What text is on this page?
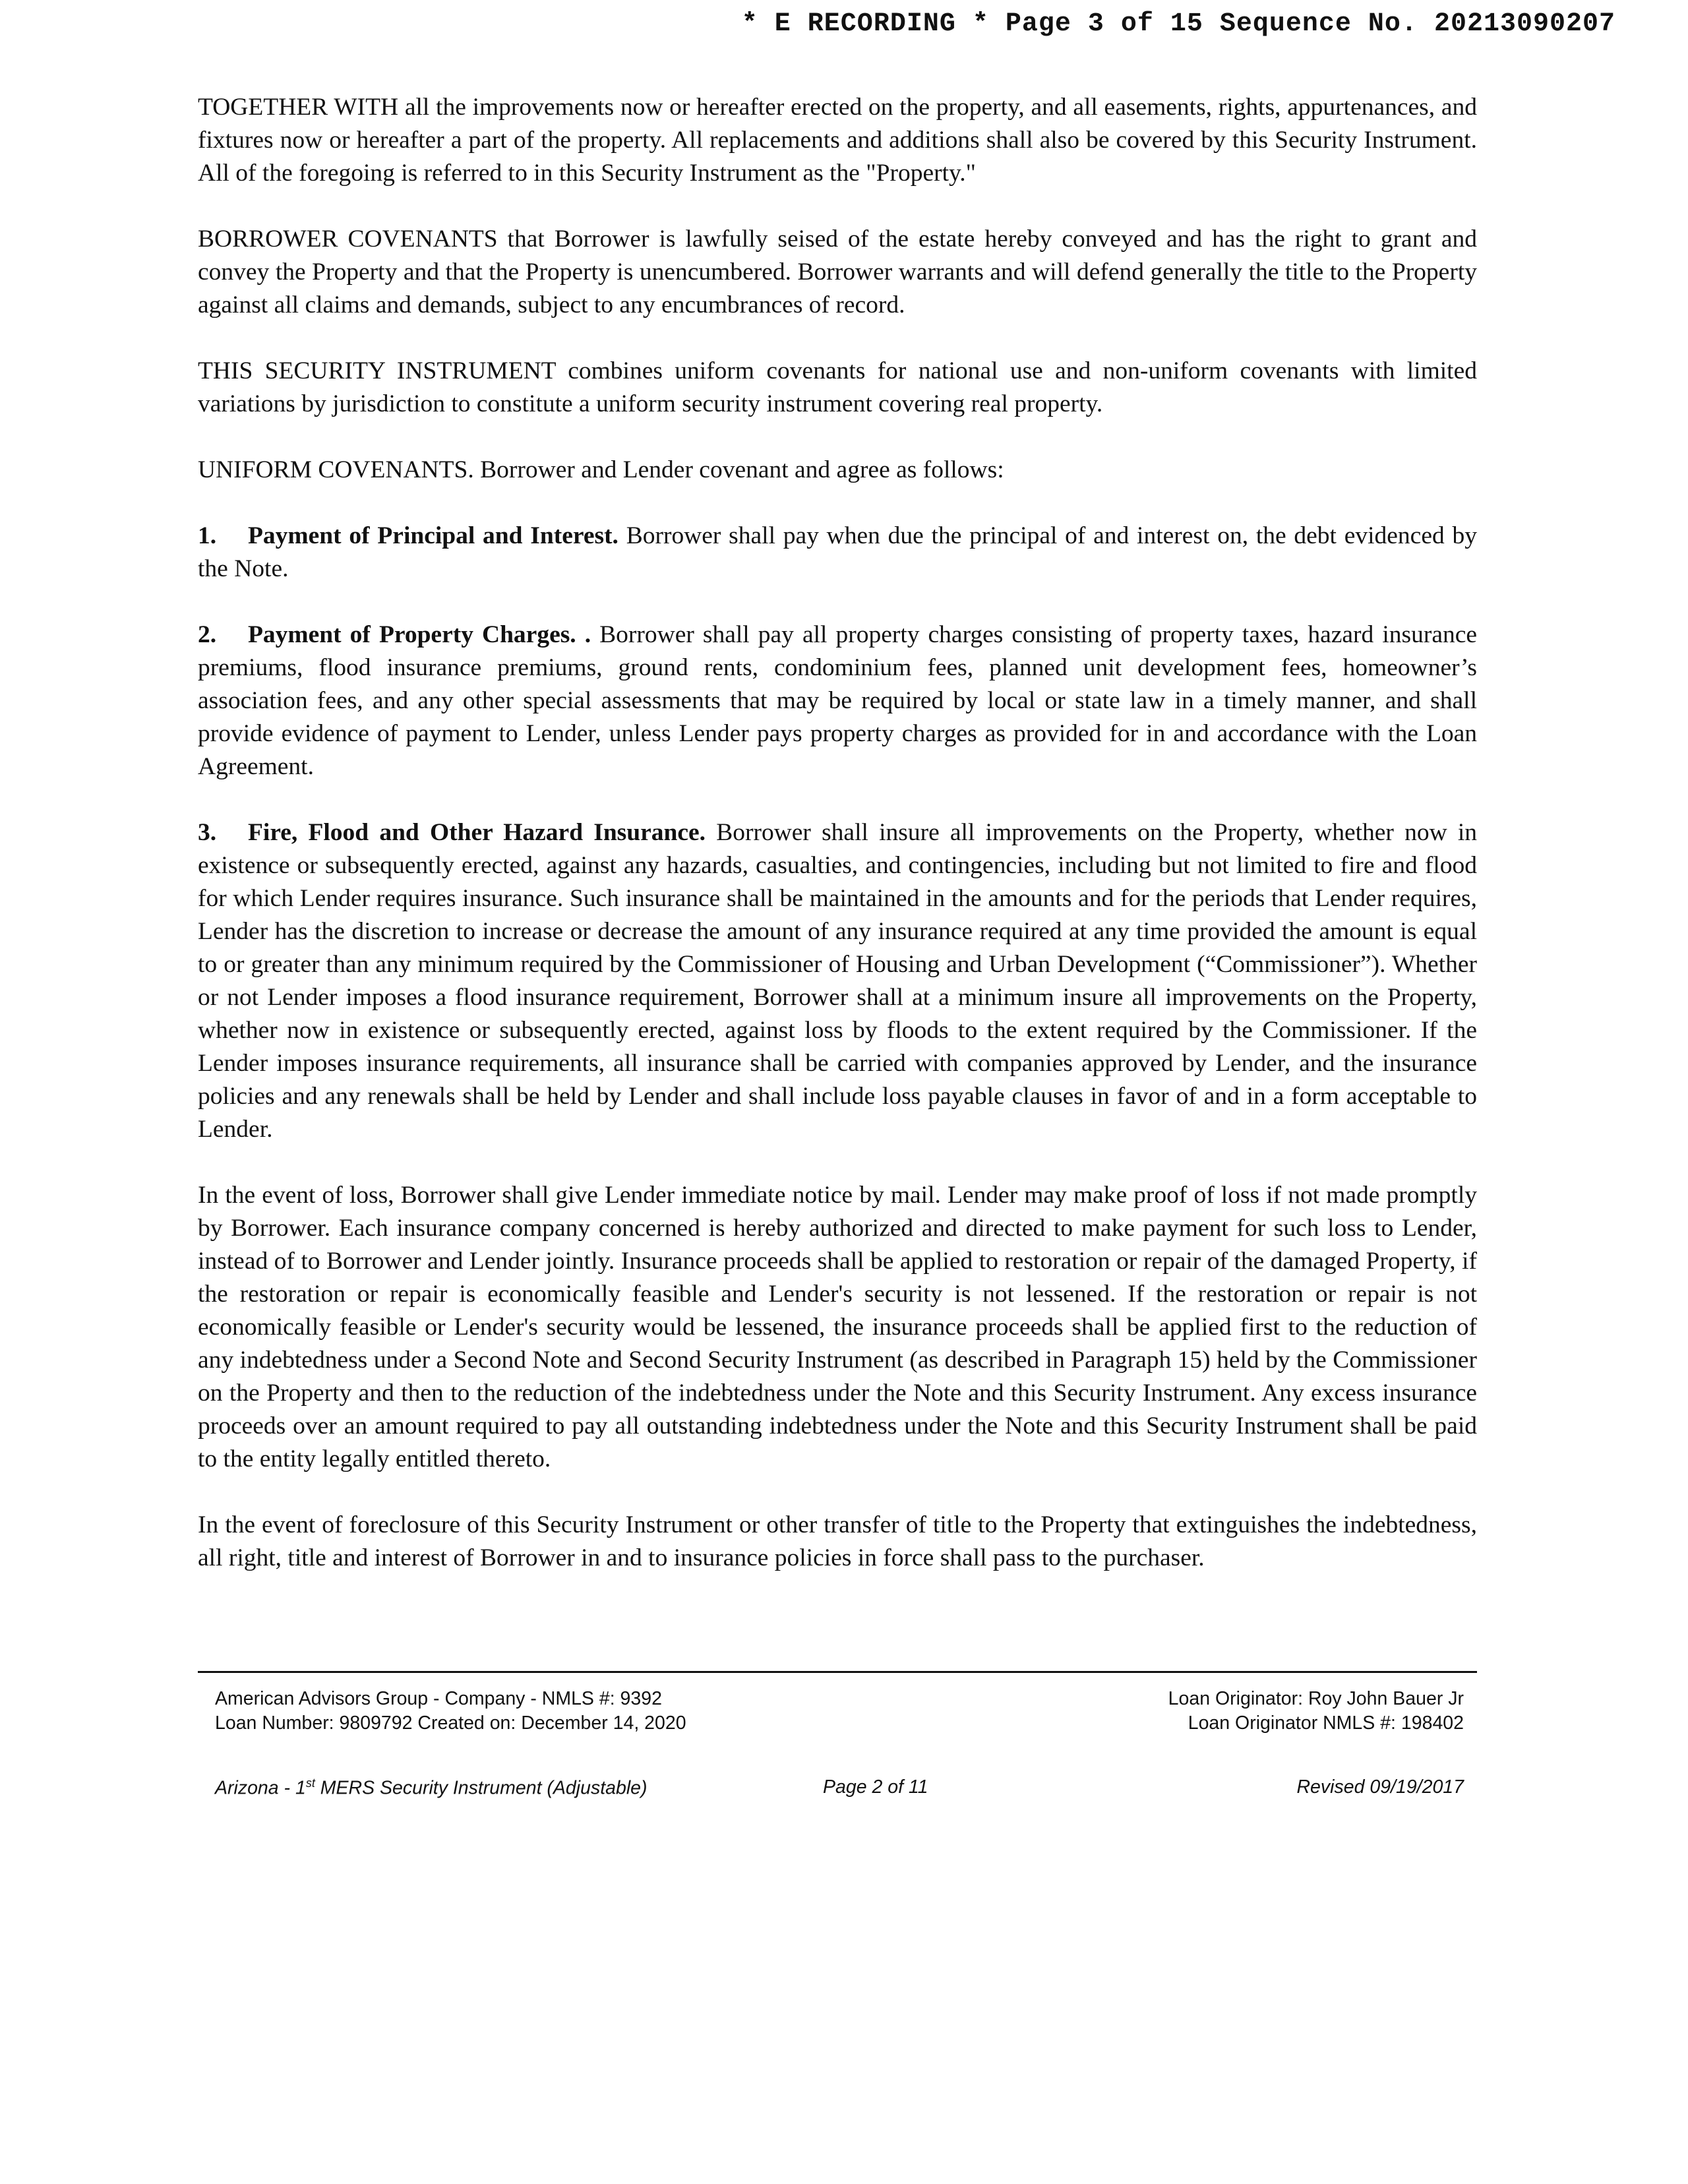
* E RECORDING * Page 3 of 15 Sequence No. 20213090207

TOGETHER WITH all the improvements now or hereafter erected on the property, and all easements, rights, appurtenances, and fixtures now or hereafter a part of the property. All replacements and additions shall also be covered by this Security Instrument. All of the foregoing is referred to in this Security Instrument as the "Property."

BORROWER COVENANTS that Borrower is lawfully seised of the estate hereby conveyed and has the right to grant and convey the Property and that the Property is unencumbered. Borrower warrants and will defend generally the title to the Property against all claims and demands, subject to any encumbrances of record.

THIS SECURITY INSTRUMENT combines uniform covenants for national use and non-uniform covenants with limited variations by jurisdiction to constitute a uniform security instrument covering real property.

UNIFORM COVENANTS. Borrower and Lender covenant and agree as follows:

1. Payment of Principal and Interest. Borrower shall pay when due the principal of and interest on, the debt evidenced by the Note.

2. Payment of Property Charges. . Borrower shall pay all property charges consisting of property taxes, hazard insurance premiums, flood insurance premiums, ground rents, condominium fees, planned unit development fees, homeowner’s association fees, and any other special assessments that may be required by local or state law in a timely manner, and shall provide evidence of payment to Lender, unless Lender pays property charges as provided for in and accordance with the Loan Agreement.

3. Fire, Flood and Other Hazard Insurance. Borrower shall insure all improvements on the Property, whether now in existence or subsequently erected, against any hazards, casualties, and contingencies, including but not limited to fire and flood for which Lender requires insurance. Such insurance shall be maintained in the amounts and for the periods that Lender requires, Lender has the discretion to increase or decrease the amount of any insurance required at any time provided the amount is equal to or greater than any minimum required by the Commissioner of Housing and Urban Development (“Commissioner”). Whether or not Lender imposes a flood insurance requirement, Borrower shall at a minimum insure all improvements on the Property, whether now in existence or subsequently erected, against loss by floods to the extent required by the Commissioner. If the Lender imposes insurance requirements, all insurance shall be carried with companies approved by Lender, and the insurance policies and any renewals shall be held by Lender and shall include loss payable clauses in favor of and in a form acceptable to Lender.

In the event of loss, Borrower shall give Lender immediate notice by mail. Lender may make proof of loss if not made promptly by Borrower. Each insurance company concerned is hereby authorized and directed to make payment for such loss to Lender, instead of to Borrower and Lender jointly. Insurance proceeds shall be applied to restoration or repair of the damaged Property, if the restoration or repair is economically feasible and Lender's security is not lessened. If the restoration or repair is not economically feasible or Lender's security would be lessened, the insurance proceeds shall be applied first to the reduction of any indebtedness under a Second Note and Second Security Instrument (as described in Paragraph 15) held by the Commissioner on the Property and then to the reduction of the indebtedness under the Note and this Security Instrument. Any excess insurance proceeds over an amount required to pay all outstanding indebtedness under the Note and this Security Instrument shall be paid to the entity legally entitled thereto.

In the event of foreclosure of this Security Instrument or other transfer of title to the Property that extinguishes the indebtedness, all right, title and interest of Borrower in and to insurance policies in force shall pass to the purchaser.

American Advisors Group - Company - NMLS #: 9392
Loan Number: 9809792 Created on: December 14, 2020
Loan Originator: Roy John Bauer Jr
Loan Originator NMLS #: 198402
Arizona - 1st MERS Security Instrument (Adjustable)	Page 2 of 11	Revised 09/19/2017
